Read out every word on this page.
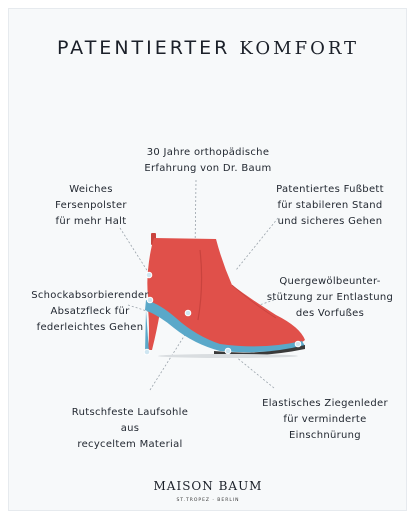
PATENTIERTER KOMFORT
30 Jahre orthopädische
Erfahrung von Dr. Baum
Weiches
Fersenpolster
für mehr Halt
Patentiertes Fußbett
für stabileren Stand
und sicheres Gehen
Schockabsorbierender
Absatzfleck für
federleichtes Gehen
Quergewölbeunter-
stützung zur Entlastung
des Vorfußes
Rutschfeste Laufsohle
aus
recyceltem Material
Elastisches Ziegenleder
für verminderte
Einschnürung
MAISON BAUM
ST.TROPEZ · BERLIN
